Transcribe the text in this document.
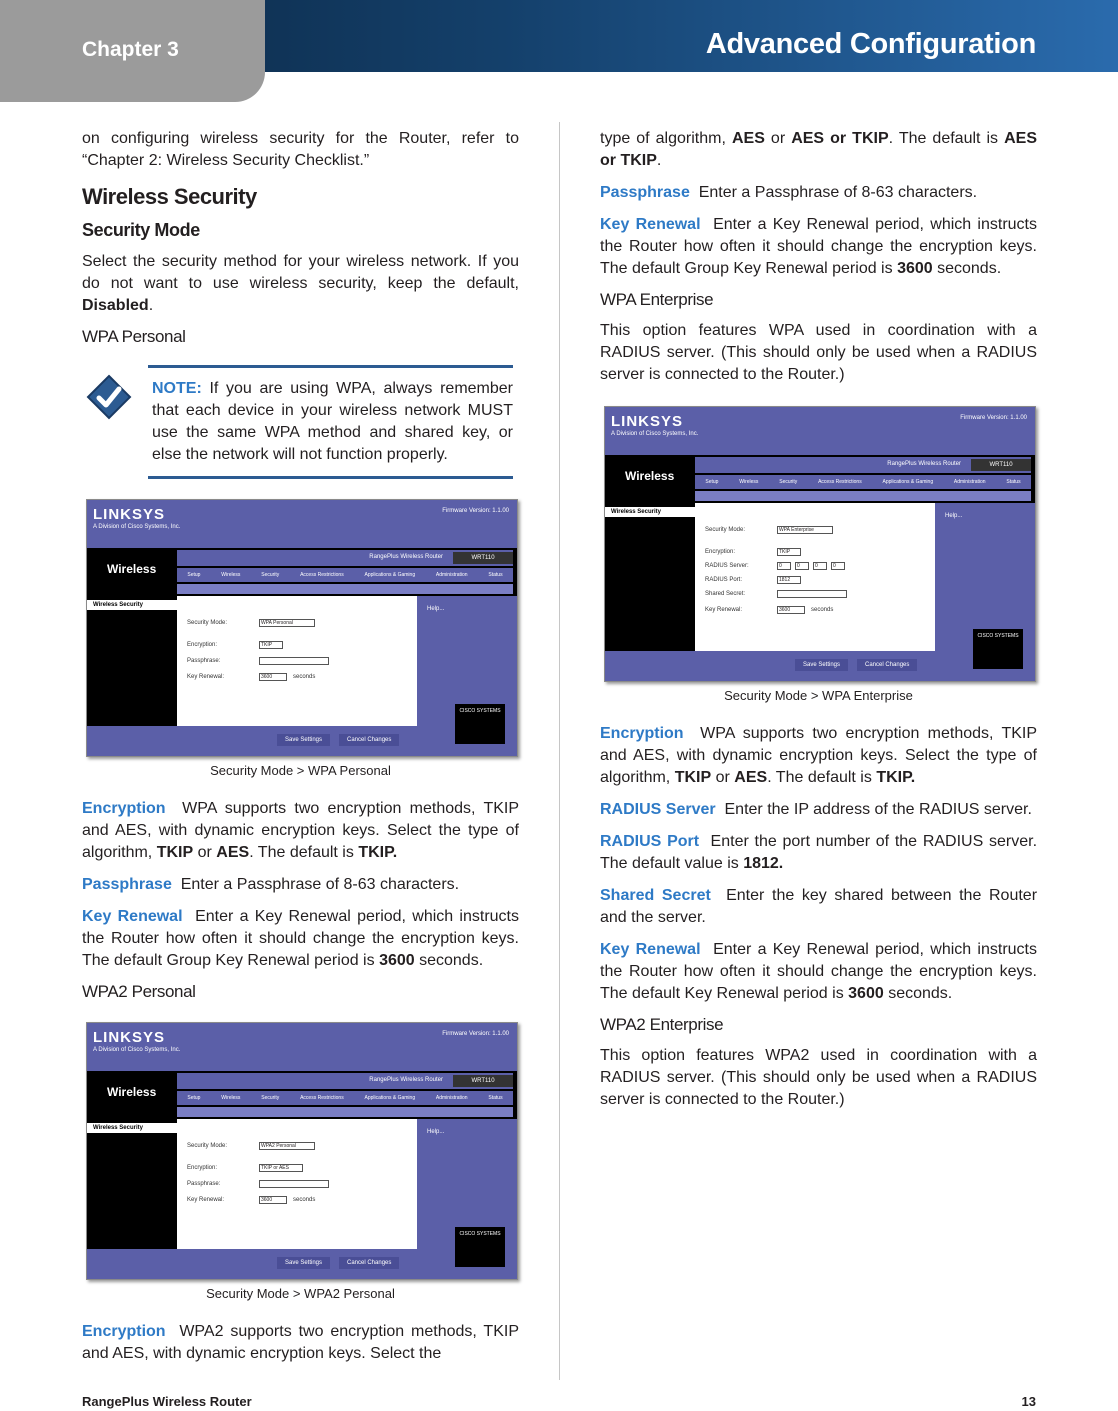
Chapter 3	Advanced Configuration

on configuring wireless security for the Router, refer to “Chapter 2: Wireless Security Checklist.”

Wireless Security
Security Mode

Select the security method for your wireless network. If you do not want to use wireless security, keep the default, Disabled.

WPA Personal

NOTE: If you are using WPA, always remember that each device in your wireless network MUST use the same WPA method and shared key, or else the network will not function properly.

LINKSYS
A Division of Cisco Systems, Inc.
Firmware Version: 1.1.00
Wireless
RangePlus Wireless Router	WRT110
Setup	Wireless	Security	Access Restrictions	Applications & Gaming	Administration	Status
Wireless Security
Security Mode:	WPA Personal
Encryption:	TKIP
Passphrase:
Key Renewal:	3600	seconds
Help...
Save Settings	Cancel Changes
CISCO SYSTEMS
Security Mode > WPA Personal

Encryption WPA supports two encryption methods, TKIP and AES, with dynamic encryption keys. Select the type of algorithm, TKIP or AES. The default is TKIP.

Passphrase Enter a Passphrase of 8-63 characters.

Key Renewal Enter a Key Renewal period, which instructs the Router how often it should change the encryption keys. The default Group Key Renewal period is 3600 seconds.

WPA2 Personal
LINKSYS
A Division of Cisco Systems, Inc.
Firmware Version: 1.1.00
Wireless
RangePlus Wireless Router	WRT110
Setup	Wireless	Security	Access Restrictions	Applications & Gaming	Administration	Status
Wireless Security
Security Mode:	WPA2 Personal
Encryption:	TKIP or AES
Passphrase:
Key Renewal:	3600	seconds
Help...
Save Settings	Cancel Changes
CISCO SYSTEMS
Security Mode > WPA2 Personal

Encryption WPA2 supports two encryption methods, TKIP and AES, with dynamic encryption keys. Select the

type of algorithm, AES or AES or TKIP. The default is AES or TKIP.

Passphrase Enter a Passphrase of 8-63 characters.

Key Renewal Enter a Key Renewal period, which instructs the Router how often it should change the encryption keys. The default Group Key Renewal period is 3600 seconds.

WPA Enterprise

This option features WPA used in coordination with a RADIUS server. (This should only be used when a RADIUS server is connected to the Router.)

LINKSYS
A Division of Cisco Systems, Inc.
Firmware Version: 1.1.00
Wireless
RangePlus Wireless Router	WRT110
Setup	Wireless	Security	Access Restrictions	Applications & Gaming	Administration	Status
Wireless Security
Security Mode:	WPA Enterprise
Encryption:	TKIP
RADIUS Server:	0	0	0	0
RADIUS Port:	1812
Shared Secret:
Key Renewal:	3600	seconds
Help...
Save Settings	Cancel Changes
CISCO SYSTEMS
Security Mode > WPA Enterprise

Encryption WPA supports two encryption methods, TKIP and AES, with dynamic encryption keys. Select the type of algorithm, TKIP or AES. The default is TKIP.

RADIUS Server Enter the IP address of the RADIUS server.

RADIUS Port Enter the port number of the RADIUS server. The default value is 1812.

Shared Secret Enter the key shared between the Router and the server.

Key Renewal Enter a Key Renewal period, which instructs the Router how often it should change the encryption keys. The default Key Renewal period is 3600 seconds.

WPA2 Enterprise

This option features WPA2 used in coordination with a RADIUS server. (This should only be used when a RADIUS server is connected to the Router.)

RangePlus Wireless Router	13
